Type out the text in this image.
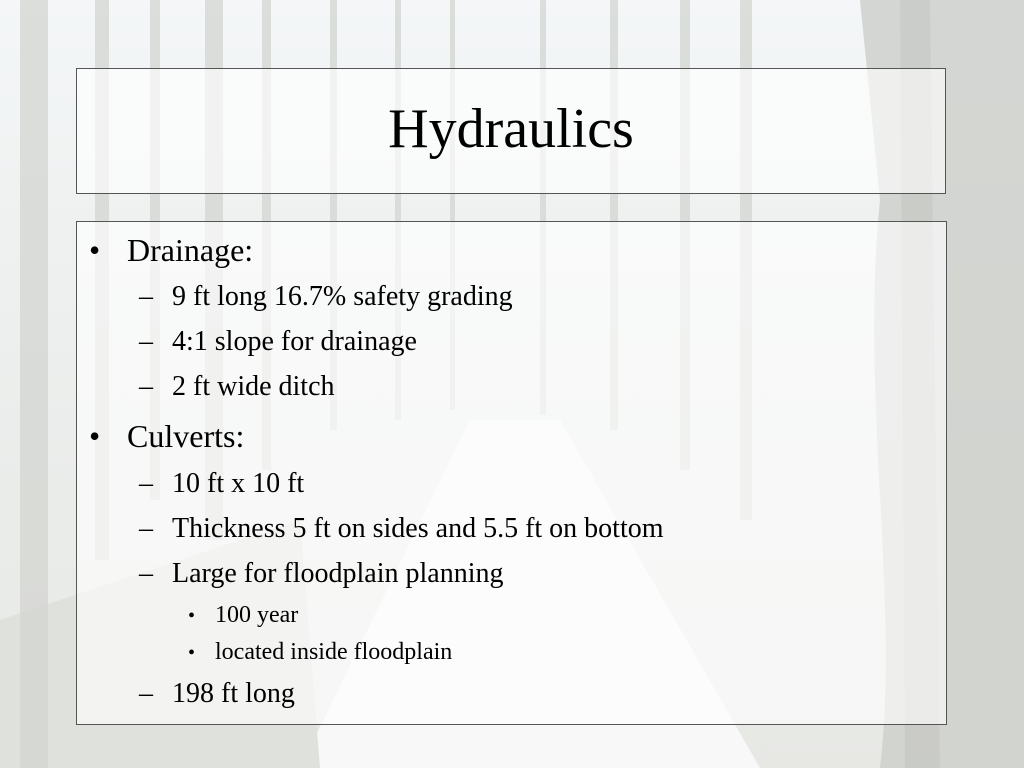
Hydraulics
• Drainage:
– 9 ft long 16.7% safety grading
– 4:1 slope for drainage
– 2 ft wide ditch
• Culverts:
– 10 ft x 10 ft
– Thickness 5 ft on sides and 5.5 ft on bottom
– Large for floodplain planning
• 100 year
• located inside floodplain
– 198 ft long
